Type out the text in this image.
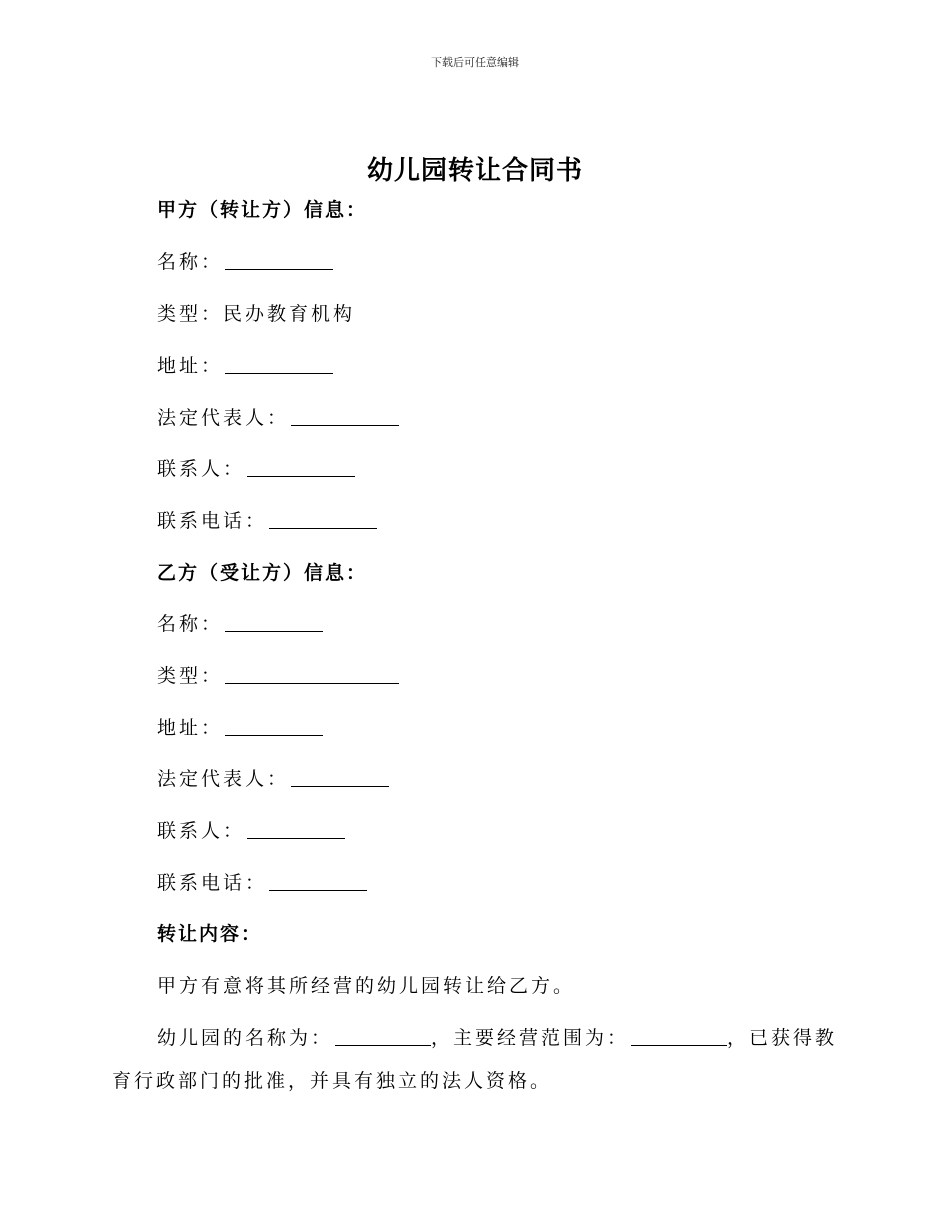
下载后可任意编辑
幼儿园转让合同书
甲方（转让方）信息：
名称：
类型：民办教育机构
地址：
法定代表人：
联系人：
联系电话：
乙方（受让方）信息：
名称：
类型：
地址：
法定代表人：
联系人：
联系电话：
转让内容：
甲方有意将其所经营的幼儿园转让给乙方。
幼儿园的名称为：	，主要经营范围为：	，已获得教
育行政部门的批准，并具有独立的法人资格。
